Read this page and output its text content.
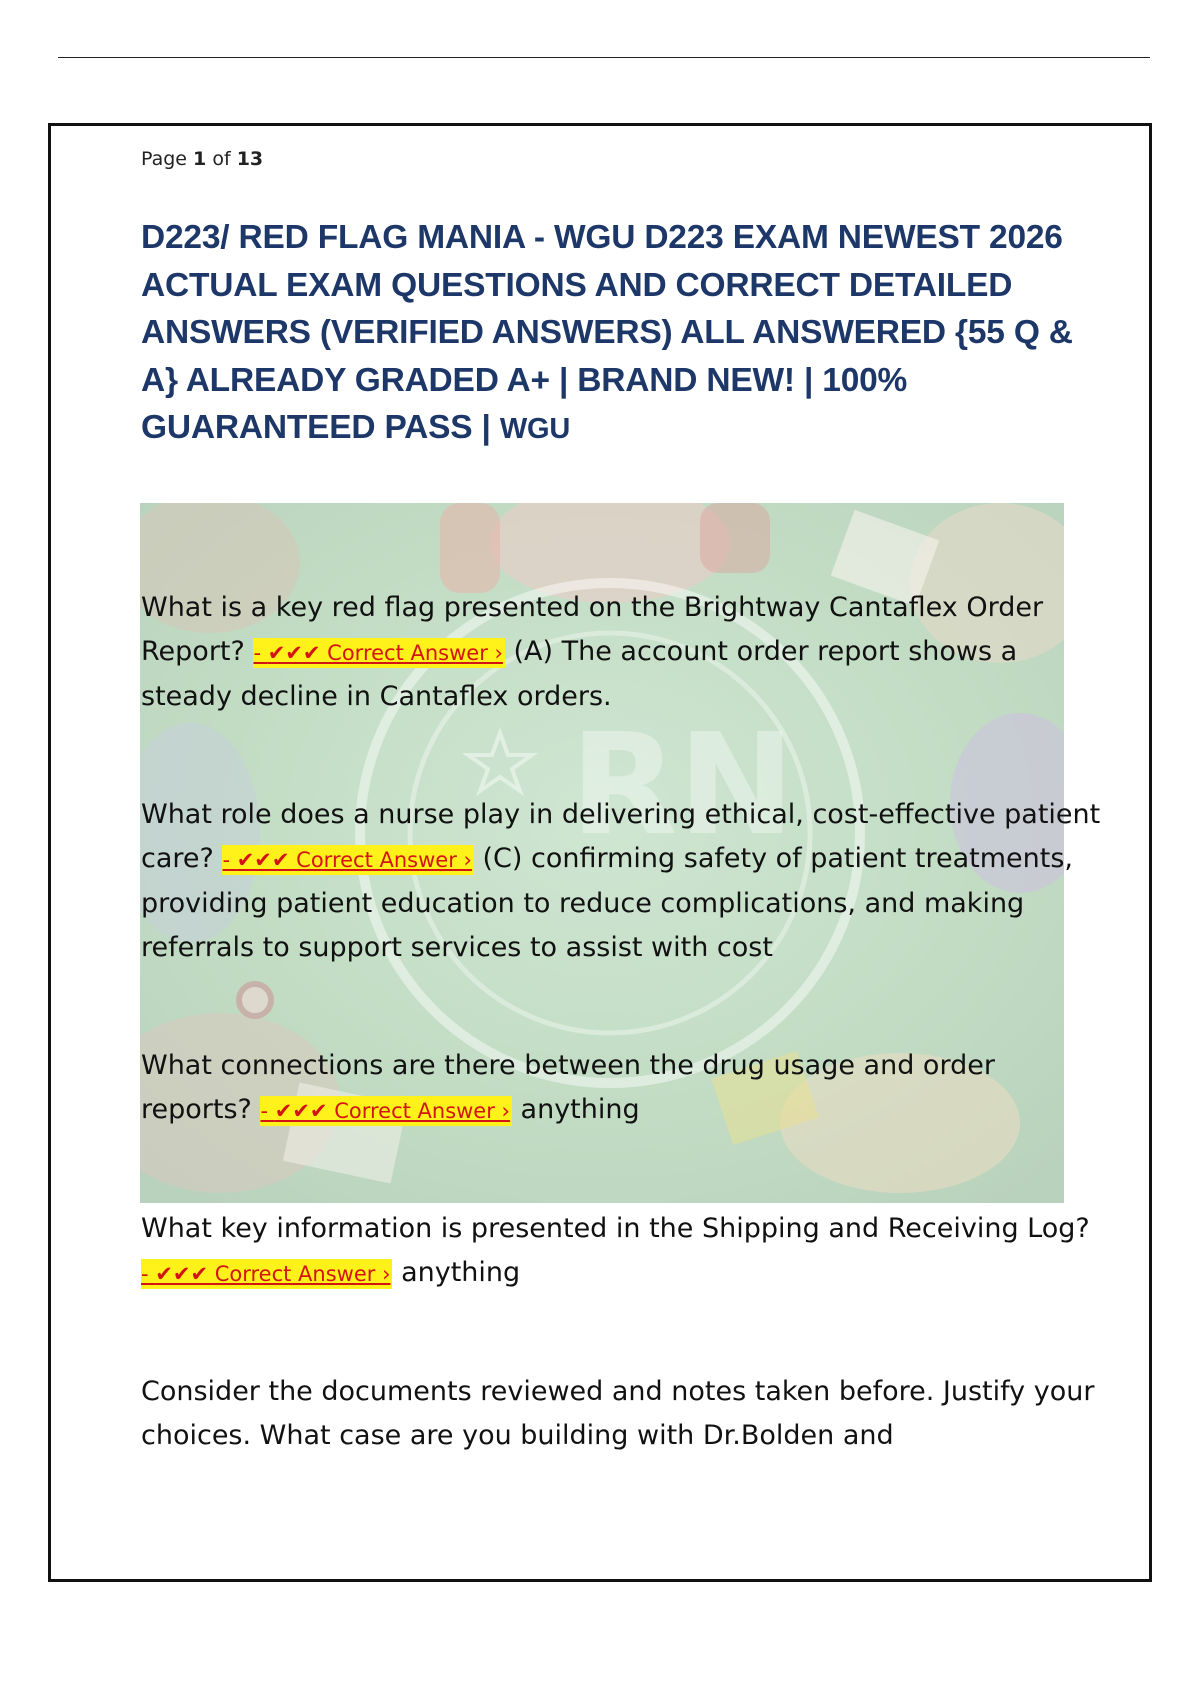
Page 1 of 13
D223/ RED FLAG MANIA - WGU D223 EXAM NEWEST 2026 ACTUAL EXAM QUESTIONS AND CORRECT DETAILED ANSWERS (VERIFIED ANSWERS) ALL ANSWERED {55 Q & A} ALREADY GRADED A+ | BRAND NEW! | 100% GUARANTEED PASS | WGU
RN

What is a key red flag presented on the Brightway Cantaflex Order Report? - ✔✔✔ Correct Answer › (A) The account order report shows a steady decline in Cantaflex orders.

What role does a nurse play in delivering ethical, cost-effective patient care? - ✔✔✔ Correct Answer › (C) confirming safety of patient treatments, providing patient education to reduce complications, and making referrals to support services to assist with cost

What connections are there between the drug usage and order reports? - ✔✔✔ Correct Answer › anything

What key information is presented in the Shipping and Receiving Log? - ✔✔✔ Correct Answer › anything

Consider the documents reviewed and notes taken before. Justify your choices. What case are you building with Dr.Bolden and
